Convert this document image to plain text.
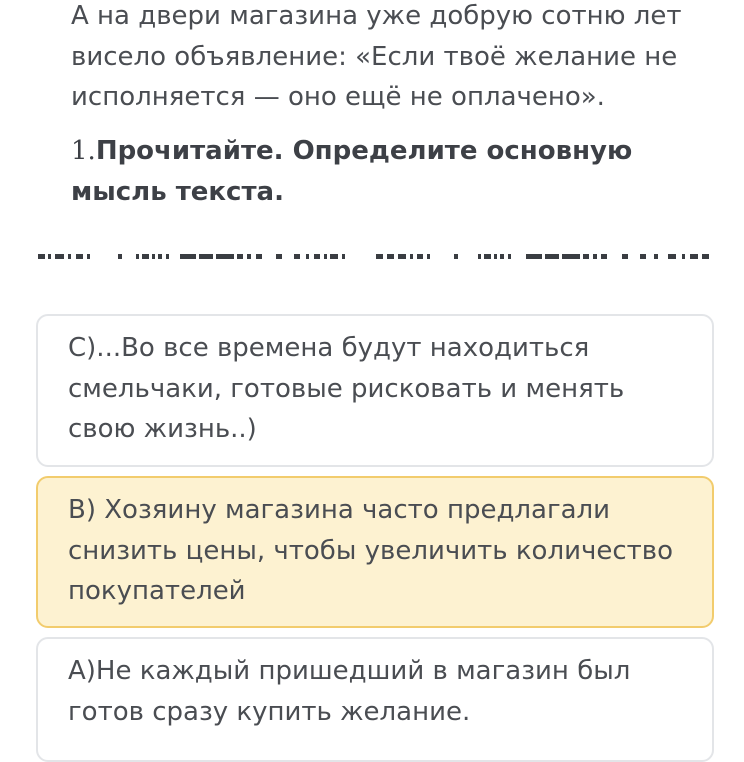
А на двери магазина уже добрую сотню лет
висело объявление: «Если твоё желание не
исполняется — оно ещё не оплачено».
1.Прочитайте. Определите основную
мысль текста.
C)...Во все времена будут находиться
смельчаки, готовые рисковать и менять
свою жизнь..)
B) Хозяину магазина часто предлагали
снизить цены, чтобы увеличить количество
покупателей
А)Не каждый пришедший в магазин был
готов сразу купить желание.
